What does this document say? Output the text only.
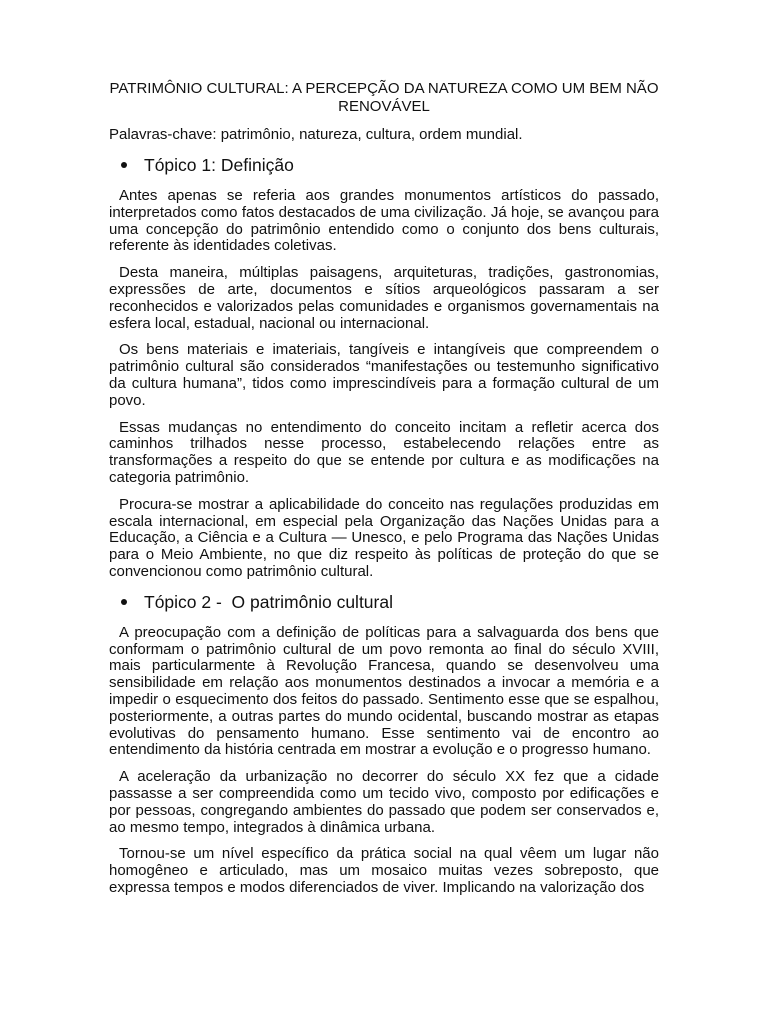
PATRIMÔNIO CULTURAL: A PERCEPÇÃO DA NATUREZA COMO UM BEM NÃO RENOVÁVEL
Palavras-chave: patrimônio, natureza, cultura, ordem mundial.
Tópico 1: Definição

Antes apenas se referia aos grandes monumentos artísticos do passado, interpretados como fatos destacados de uma civilização. Já hoje, se avançou para uma concepção do patrimônio entendido como o conjunto dos bens culturais, referente às identidades coletivas.

Desta maneira, múltiplas paisagens, arquiteturas, tradições, gastronomias, expressões de arte, documentos e sítios arqueológicos passaram a ser reconhecidos e valorizados pelas comunidades e organismos governamentais na esfera local, estadual, nacional ou internacional.

Os bens materiais e imateriais, tangíveis e intangíveis que compreendem o patrimônio cultural são considerados “manifestações ou testemunho significativo da cultura humana”, tidos como imprescindíveis para a formação cultural de um povo.

Essas mudanças no entendimento do conceito incitam a refletir acerca dos caminhos trilhados nesse processo, estabelecendo relações entre as transformações a respeito do que se entende por cultura e as modificações na categoria patrimônio.

Procura-se mostrar a aplicabilidade do conceito nas regulações produzidas em escala internacional, em especial pela Organização das Nações Unidas para a Educação, a Ciência e a Cultura — Unesco, e pelo Programa das Nações Unidas para o Meio Ambiente, no que diz respeito às políticas de proteção do que se convencionou como patrimônio cultural.

Tópico 2 -  O patrimônio cultural

A preocupação com a definição de políticas para a salvaguarda dos bens que conformam o patrimônio cultural de um povo remonta ao final do século XVIII, mais particularmente à Revolução Francesa, quando se desenvolveu uma sensibilidade em relação aos monumentos destinados a invocar a memória e a impedir o esquecimento dos feitos do passado. Sentimento esse que se espalhou, posteriormente, a outras partes do mundo ocidental, buscando mostrar as etapas evolutivas do pensamento humano. Esse sentimento vai de encontro ao entendimento da história centrada em mostrar a evolução e o progresso humano.

A aceleração da urbanização no decorrer do século XX fez que a cidade passasse a ser compreendida como um tecido vivo, composto por edificações e por pessoas, congregando ambientes do passado que podem ser conservados e, ao mesmo tempo, integrados à dinâmica urbana.

Tornou-se um nível específico da prática social na qual vêem um lugar não homogêneo e articulado, mas um mosaico muitas vezes sobreposto, que expressa tempos e modos diferenciados de viver. Implicando na valorização dos
